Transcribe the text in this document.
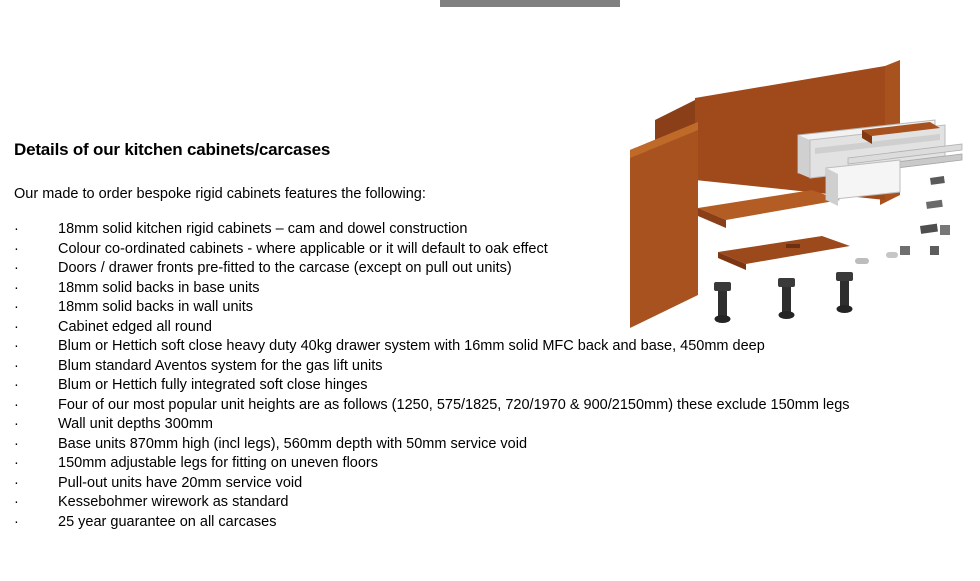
Details of our kitchen cabinets/carcases

Our made to order bespoke rigid cabinets features the following:

·	18mm solid kitchen rigid cabinets – cam and dowel construction
·	Colour co-ordinated cabinets - where applicable or it will default to oak effect
·	Doors / drawer fronts pre-fitted to the carcase (except on pull out units)
·	18mm solid backs in base units
·	18mm solid backs in wall units
·	Cabinet edged all round
·	Blum or Hettich soft close heavy duty 40kg drawer system with 16mm solid MFC back and base, 450mm deep
·	Blum standard Aventos system for the gas lift units
·	Blum or Hettich fully integrated soft close hinges
·	Four of our most popular unit heights are as follows (1250, 575/1825, 720/1970 & 900/2150mm) these exclude 150mm legs
·	Wall unit depths 300mm
·	Base units 870mm high (incl legs), 560mm depth with 50mm service void
·	150mm adjustable legs for fitting on uneven floors
·	Pull-out units have 20mm service void
·	Kessebohmer wirework as standard
·	25 year guarantee on all carcases
